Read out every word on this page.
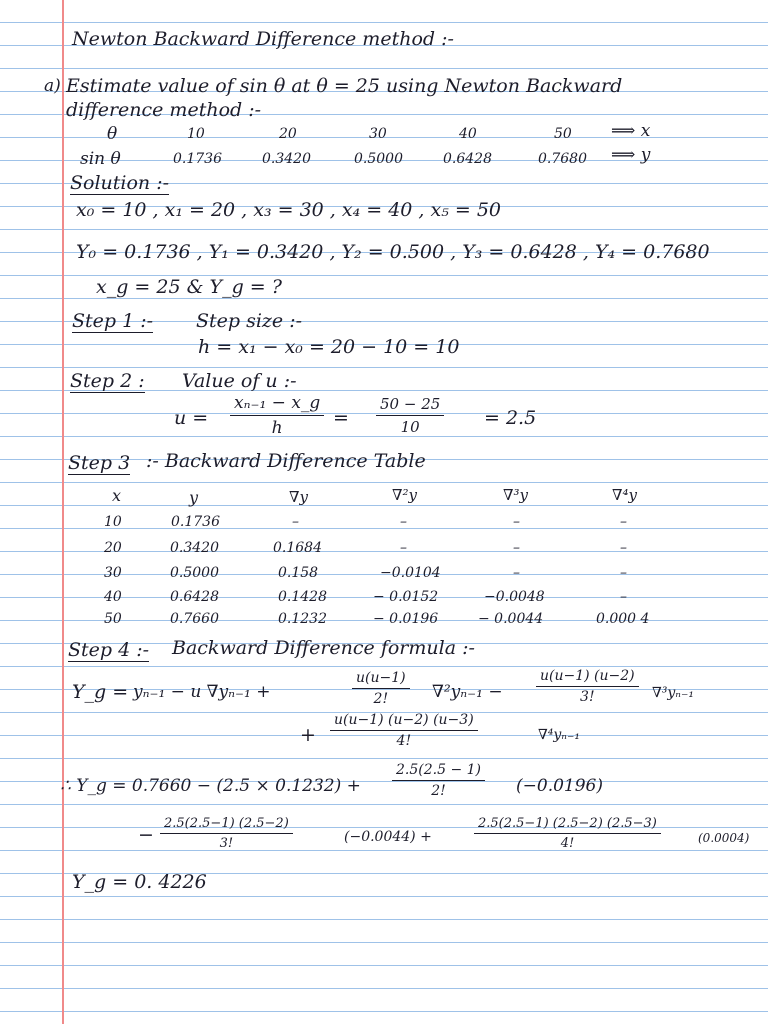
Newton Backward Difference method :-
a) Estimate value of sin θ at θ = 25 using Newton Backward
difference method :-
θ	10	20	30	40	50 ⟹ x
sin θ	0.1736	0.3420	0.5000	0.6428	0.7680 ⟹ y
Solution :-
x₀ = 10 , x₁ = 20 , x₃ = 30 , x₄ = 40 , x₅ = 50
Y₀ = 0.1736 , Y₁ = 0.3420 , Y₂ = 0.500 , Y₃ = 0.6428 , Y₄ = 0.7680
x_g = 25 & Y_g = ?
Step 1 :- Step size :-
h = x₁ − x₀ = 20 − 10 = 10
Step 2 : Value of u :-
$u = \frac{\text{xₙ₋₁ − x\_g}}{h} = \frac{50 - 25}{10} = 2.5$
Step 3 :- Backward Difference Table
x	y	∇y	∇²y	∇³y	∇⁴y
10	0.1736	–	–	–	–
20	0.3420	0.1684	–	–	–
30	0.5000	0.158	−0.0104	–	–
40	0.6428	0.1428	− 0.0152	−0.0048	–
50	0.7660	0.1232	− 0.0196	− 0.0044	0.000 4
Step 4 :- Backward Difference formula :-
Y_g = yₙ₋₁ − u ∇yₙ₋₁ +	$\frac{u(u-1)}{2!} \nabla^2y_{n-1} - \frac{u(u-1) (u-2)}{3!} \nabla^3y_{n-1}$
+ $\frac{u(u-1) (u-2) (u-3)}{4!}$	∇⁴yₙ₋₁
∴ Y_g = $0.7660 - (2.5 \times 0.1232) + \frac{2.5(2.5 - 1)}{2!} (-0.0196)$
− $\frac{2.5(2.5-1) (2.5-2)}{3!}$	(−0.0044) +	$\frac{2.5(2.5-1) (2.5-2) (2.5-3)}{4!}$	(0.0004)
Y_g = 0. 4226
